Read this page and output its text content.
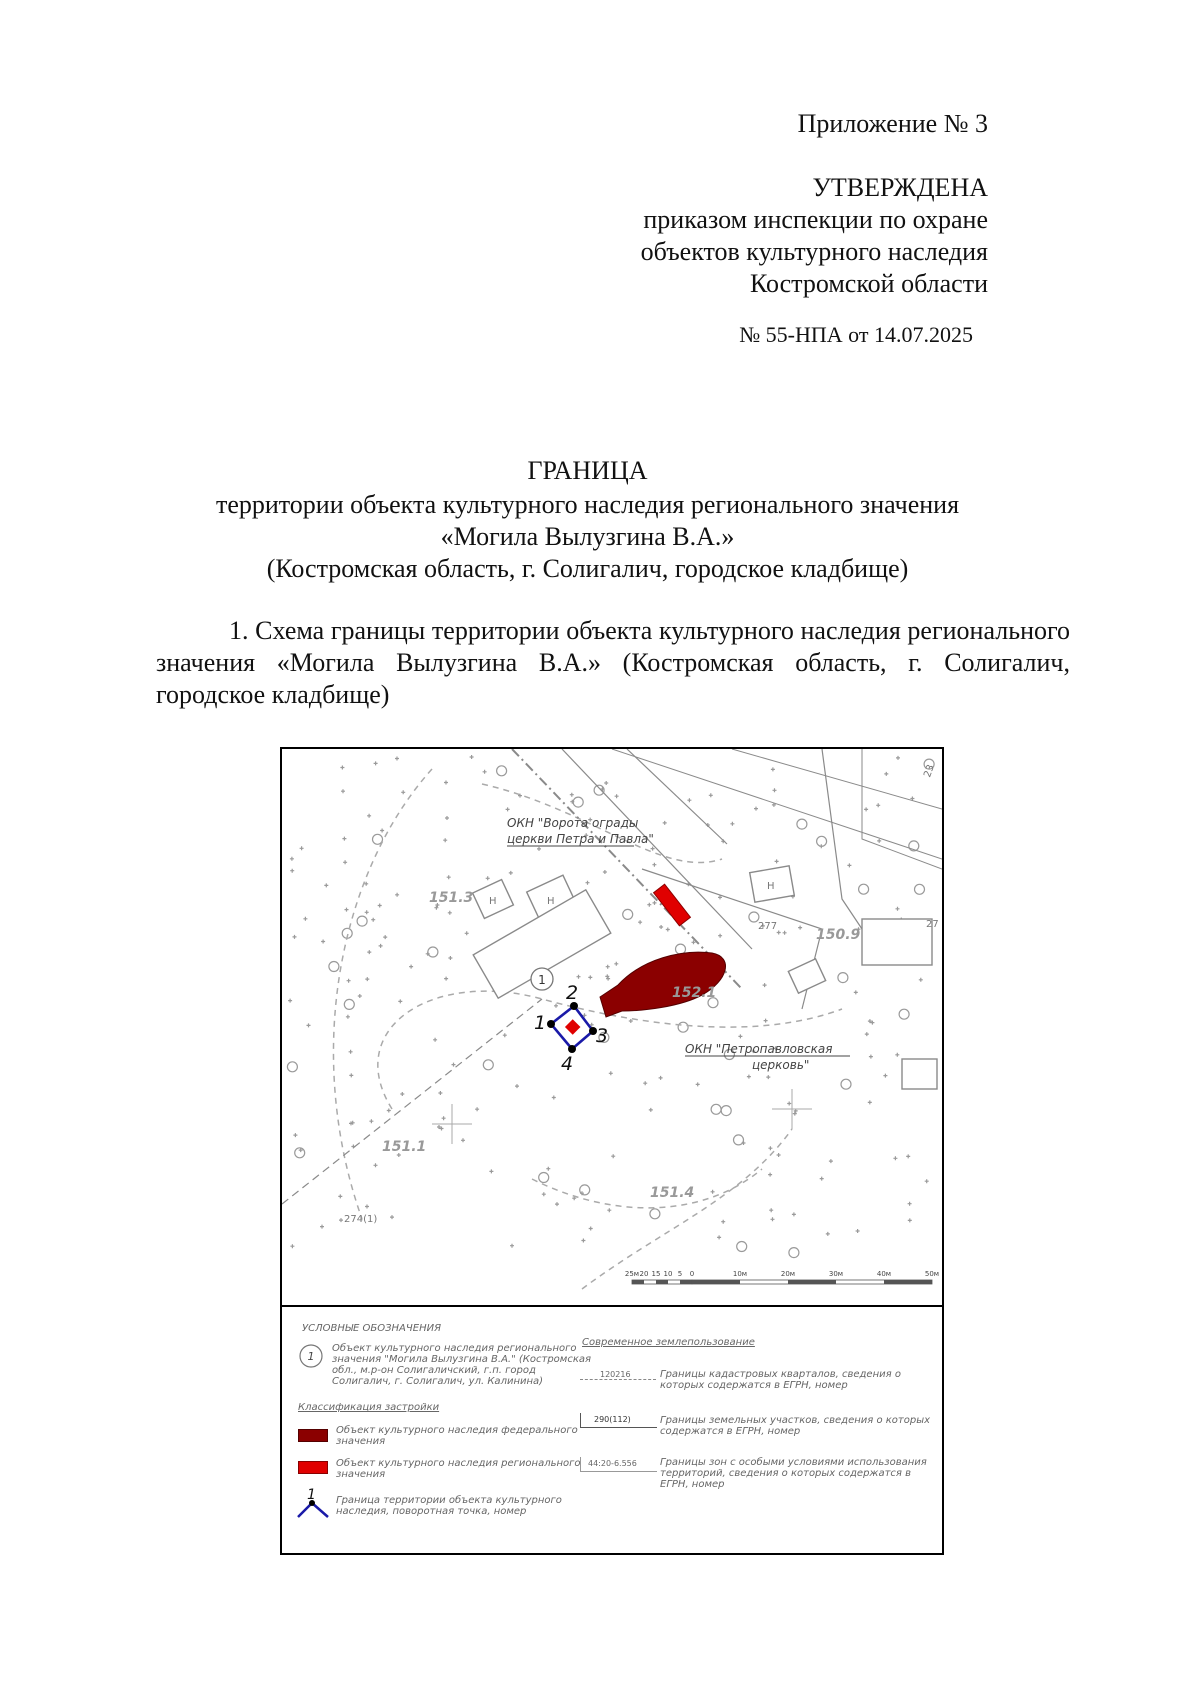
Приложение № 3
УТВЕРЖДЕНА
приказом инспекции по охране
объектов культурного наследия
Костромской области
№ 55-НПА от 14.07.2025
ГРАНИЦА
территории объекта культурного наследия регионального значения
«Могила Вылузгина В.А.»
(Костромская область, г. Солигалич, городское кладбище)
1. Схема границы территории объекта культурного наследия регионального значения «Могила Вылузгина В.А.» (Костромская область, г. Солигалич, городское кладбище)
1
1
2
3
4
ОКН "Ворота ограды
церкви Петра и Павла"
ОКН "Петропавловская
церковь"
151.3
152.1
151.1
151.4
150.9
274(1)
277	27
23
Н	Н
Н
25м 20 15 10 5 0	10м	20м	30м	40м	50м
УСЛОВНЫЕ ОБОЗНАЧЕНИЯ
1
Объект культурного наследия регионального
значения "Могила Вылузгина В.А." (Костромская
обл., м.р-он Солигаличский, г.п. город
Солигалич, г. Солигалич, ул. Калинина)
Классификация застройки
Объект культурного наследия федерального
значения
Объект культурного наследия регионального
значения
1 Граница территории объекта культурного
наследия, поворотная точка, номер
Современное землепользование
120216	Границы кадастровых кварталов, сведения о
которых содержатся в ЕГРН, номер
290(112)	Границы земельных участков, сведения о которых
содержатся в ЕГРН, номер
44:20-6.556 Границы зон с особыми условиями использования
территорий, сведения о которых содержатся в
ЕГРН, номер
